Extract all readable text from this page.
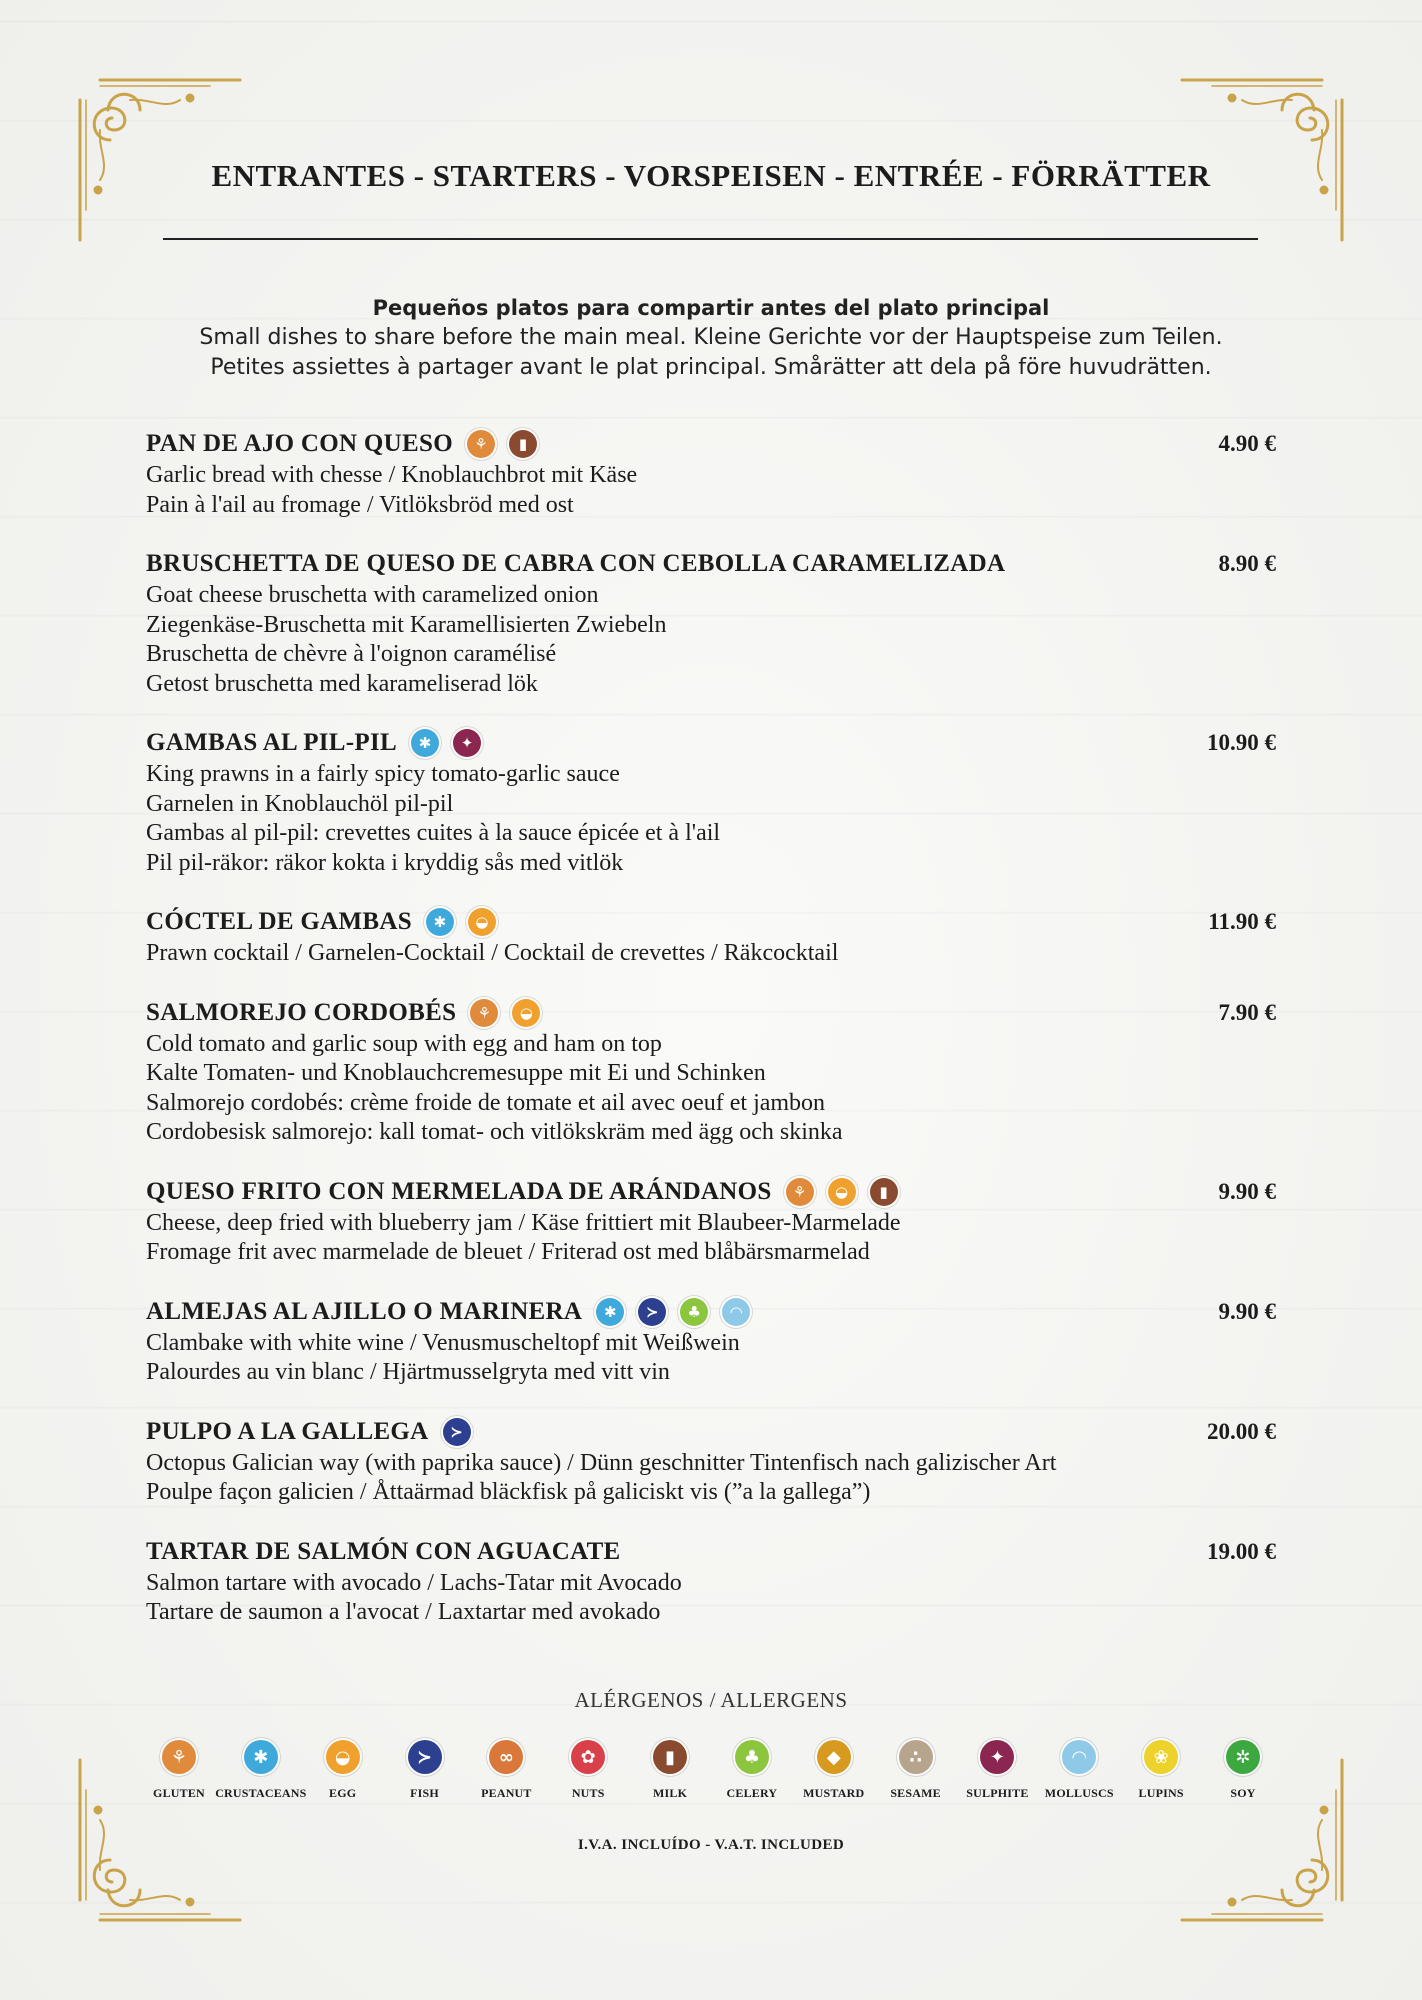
ENTRANTES - STARTERS - VORSPEISEN - ENTRÉE - FÖRRÄTTER
Pequeños platos para compartir antes del plato principal
Small dishes to share before the main meal. Kleine Gerichte vor der Hauptspeise zum Teilen.
Petites assiettes à partager avant le plat principal. Smårätter att dela på före huvudrätten.
PAN DE AJO CON QUESO	⚘	▮	4.90 €
Garlic bread with chesse / Knoblauchbrot mit Käse
Pain à l'ail au fromage / Vitlöksbröd med ost
BRUSCHETTA DE QUESO DE CABRA CON CEBOLLA CARAMELIZADA	8.90 €
Goat cheese bruschetta with caramelized onion
Ziegenkäse-Bruschetta mit Karamellisierten Zwiebeln
Bruschetta de chèvre à l'oignon caramélisé
Getost bruschetta med karameliserad lök
GAMBAS AL PIL-PIL	✱	✦	10.90 €
King prawns in a fairly spicy tomato-garlic sauce
Garnelen in Knoblauchöl pil-pil
Gambas al pil-pil: crevettes cuites à la sauce épicée et à l'ail
Pil pil-räkor: räkor kokta i kryddig sås med vitlök
CÓCTEL DE GAMBAS	✱	◒	11.90 €
Prawn cocktail / Garnelen-Cocktail / Cocktail de crevettes / Räkcocktail
SALMOREJO CORDOBÉS	⚘	◒	7.90 €
Cold tomato and garlic soup with egg and ham on top
Kalte Tomaten- und Knoblauchcremesuppe mit Ei und Schinken
Salmorejo cordobés: crème froide de tomate et ail avec oeuf et jambon
Cordobesisk salmorejo: kall tomat- och vitlökskräm med ägg och skinka
QUESO FRITO CON MERMELADA DE ARÁNDANOS	⚘	◒	▮	9.90 €
Cheese, deep fried with blueberry jam / Käse frittiert mit Blaubeer-Marmelade
Fromage frit avec marmelade de bleuet / Friterad ost med blåbärsmarmelad
ALMEJAS AL AJILLO O MARINERA	✱	≻	♣	◠	9.90 €
Clambake with white wine / Venusmuscheltopf mit Weißwein
Palourdes au vin blanc / Hjärtmusselgryta med vitt vin
PULPO A LA GALLEGA	≻	20.00 €
Octopus Galician way (with paprika sauce) / Dünn geschnitter Tintenfisch nach galizischer Art
Poulpe façon galicien / Åttaärmad bläckfisk på galiciskt vis (”a la gallega”)
TARTAR DE SALMÓN CON AGUACATE	19.00 €
Salmon tartare with avocado / Lachs-Tatar mit Avocado
Tartare de saumon a l'avocat / Laxtartar med avokado
ALÉRGENOS / ALLERGENS
⚘
GLUTEN
✱
CRUSTACEANS
◒
EGG
≻
FISH
∞
PEANUT
✿
NUTS
▮
MILK
♣
CELERY
◆
MUSTARD
∴
SESAME
✦
SULPHITE
◠
MOLLUSCS
❀
LUPINS
✲
SOY
I.V.A. INCLUÍDO - V.A.T. INCLUDED
